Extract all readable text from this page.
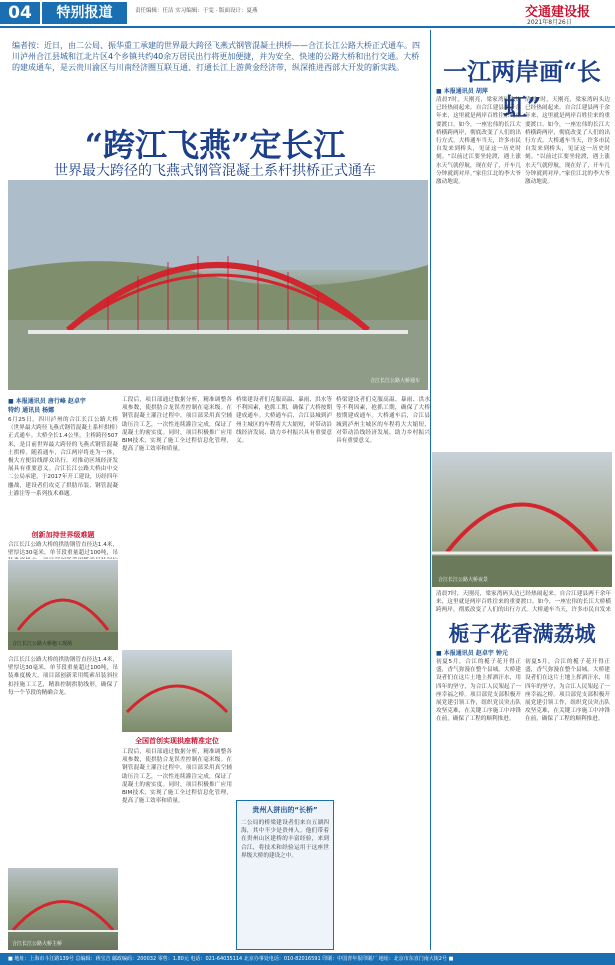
04	特别报道	责任编辑：任洁 实习编辑：于雯 · 版面设计：夏燕	交通建设报
2021年8月26日
编者按：近日，由二公局、振华重工承建的世界最大跨径飞燕式钢管混凝土拱桥——合江长江公路大桥正式通车。四川泸州合江县城和江北片区4个乡镇共约40余万居民出行将更加便捷，并为安全、快速的公路大桥和出行交通。大桥的建成通车，是云贵川渝区与川南经济圈互联互通、打通长江上游黄金经济带，纵深推进西部大开发的新实践。
“跨江飞燕”定长江
世界最大跨径的飞燕式钢管混凝土系杆拱桥正式通车
合江长江公路大桥通车
■ 本报通讯员 唐行峰 赵卓宇
特约 通讯员 杨娜
6月25日，四川泸州的合江长江公路大桥（世界最大跨径飞燕式钢管混凝土系杆拱桥）正式通车。大桥全长1.4公里，主桥跨径507米，是目前世界最大跨径的飞燕式钢管混凝土拱桥。随着通车，合江两岸将连为一体，极大方便沿线群众出行，对推动区域经济发展具有重要意义。合江长江公路大桥由中交二公局承建，于2017年开工建设，历经四年鏖战，建设者们攻克了拱肋吊装、钢管混凝土灌注等一系列技术难题。
创新加持世界级难题
合江长江公路大桥的拱肋钢管直径达1.4米，壁厚达30毫米，单节段重量超过100吨，吊
合江长江公路大桥施工现场
合江长江公路大桥的拱肋钢管直径达1.4米，壁厚达30毫米，单节段重量超过100吨，吊装难度极大。项目部创新采用缆索吊装斜拉扣挂施工工艺，精准控制拱肋线形，确保了每一个节段的精确合龙。
合江长江公路大桥主桥
工段后，项目部通过数据分析，精准调整各项参数，使拱肋合龙误差控制在毫米级。在钢管混凝土灌注过程中，项目部采用真空辅助压注工艺，一次性连续灌注完成，保证了混凝土的密实度。同时，项目积极推广应用BIM技术，实现了施工全过程信息化管理，提高了施工效率和质量。
全国首创实现拱座精准定位
工段后，项目部通过数据分析，精准调整各项参数，使拱肋合龙误差控制在毫米级。在钢管混凝土灌注过程中，项目部采用真空辅助压注工艺，一次性连续灌注完成，保证了混凝土的密实度。同时，项目积极推广应用BIM技术，实现了施工全过程信息化管理，提高了施工效率和质量。
桥梁建设者们克服高温、暴雨、洪水等不利因素，抢抓工期，确保了大桥按期建成通车。大桥通车后，合江县城到泸州主城区的车程将大大缩短，对带动沿线经济发展、助力乡村振兴具有重要意义。
贵州人拼出的“长桥”
二公局的桥梁建设者们来自五湖四海，其中不少是贵州人。他们带着在贵州山区建桥的丰富经验，来到合江，将技术和经验运用于这座世界级大桥的建设之中。
桥梁建设者们克服高温、暴雨、洪水等不利因素，抢抓工期，确保了大桥按期建成通车。大桥通车后，合江县城到泸州主城区的车程将大大缩短，对带动沿线经济发展、助力乡村振兴具有重要意义。
一江两岸画“长虹”
■ 本报通讯员 胡萍
清晨7时，天刚亮，梁家湾码头边已经热闹起来。自合江建县两千余年来，这里就是两岸百姓往来的重要渡口。如今，一座宏伟的长江大桥横跨两岸，彻底改变了人们的出行方式。大桥通车当天，许多市民自发来到桥头，见证这一历史时刻。“以前过江要坐轮渡，遇上涨水天气就停航，现在好了，开车几分钟就到对岸。”家住江北的李大爷激动地说。
清晨7时，天刚亮，梁家湾码头边已经热闹起来。自合江建县两千余年来，这里就是两岸百姓往来的重要渡口。如今，一座宏伟的长江大桥横跨两岸，彻底改变了人们的出行方式。大桥通车当天，许多市民自发来到桥头，见证这一历史时刻。“以前过江要坐轮渡，遇上涨水天气就停航，现在好了，开车几分钟就到对岸。”家住江北的李大爷激动地说。
合江长江公路大桥夜景
清晨7时，天刚亮，梁家湾码头边已经热闹起来。自合江建县两千余年来，这里就是两岸百姓往来的重要渡口。如今，一座宏伟的长江大桥横跨两岸，彻底改变了人们的出行方式。大桥通车当天，许多市民自发来
栀子花香满荔城
■ 本报通讯员 赵卓宇 钟元
初夏5月，合江的栀子花开得正盛，香气弥漫在整个县城。大桥建设者们在这片土地上挥洒汗水，用四年的坚守，为合江人民架起了一座幸福之桥。项目部党支部积极开展党建引领工作，组织党员突击队攻坚克难，在关键工序施工中冲锋在前，确保了工程的顺利推进。
初夏5月，合江的栀子花开得正盛，香气弥漫在整个县城。大桥建设者们在这片土地上挥洒汗水，用四年的坚守，为合江人民架起了一座幸福之桥。项目部党支部积极开展党建引领工作，组织党员突击队攻坚克难，在关键工序施工中冲锋在前，确保了工程的顺利推进。
■ 地址：上海市斗江路139号 总编辑：蒋宝吉 邮政编码：200032 零售：1.80元 电话：021-64035114 北京办事处电话：010-82016591 印刷：中国青年报印刷厂 地址：北京市东直门南大街2号 ■
